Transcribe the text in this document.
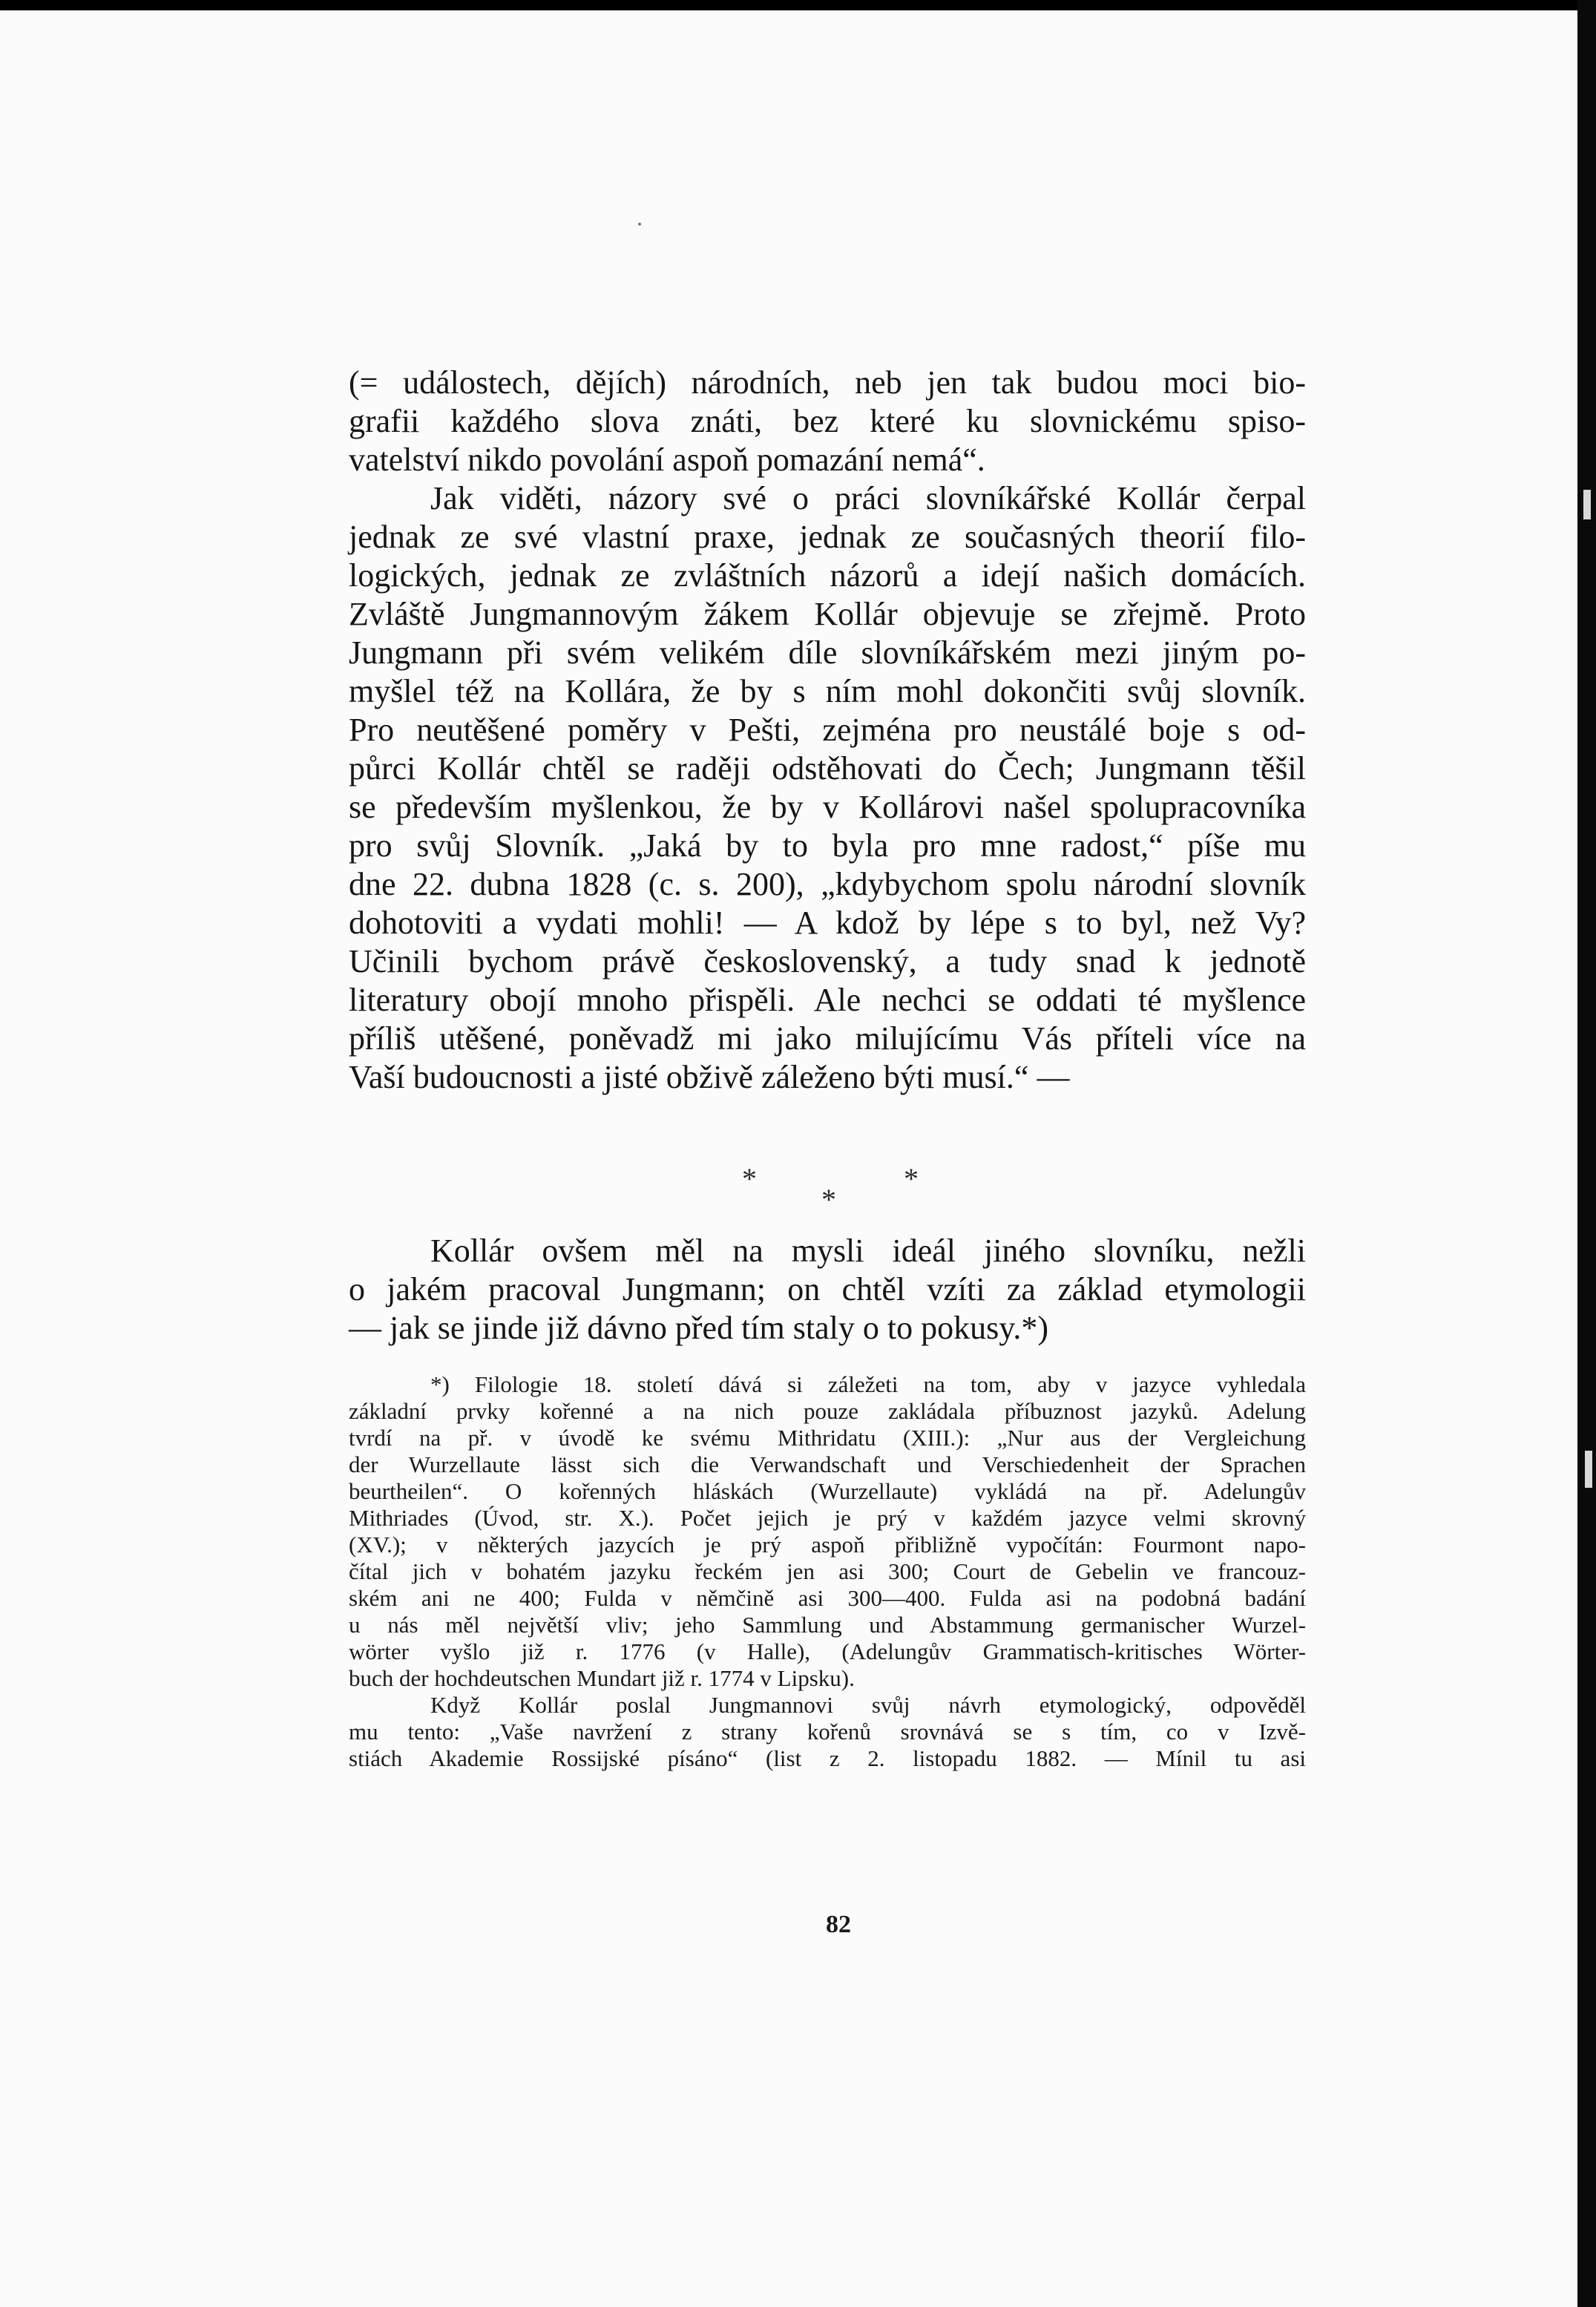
(= událostech, dějích) národních, neb jen tak budou moci bio-
grafii každého slova znáti, bez které ku slovnickému spiso-
vatelství nikdo povolání aspoň pomazání nemá“.
Jak viděti, názory své o práci slovníkářské Kollár čerpal
jednak ze své vlastní praxe, jednak ze současných theorií filo-
logických, jednak ze zvláštních názorů a idejí našich domácích.
Zvláště Jungmannovým žákem Kollár objevuje se zřejmě. Proto
Jungmann při svém velikém díle slovníkářském mezi jiným po-
myšlel též na Kollára, že by s ním mohl dokončiti svůj slovník.
Pro neutěšené poměry v Pešti, zejména pro neustálé boje s od-
půrci Kollár chtěl se raději odstěhovati do Čech; Jungmann těšil
se především myšlenkou, že by v Kollárovi našel spolupracovníka
pro svůj Slovník. „Jaká by to byla pro mne radost,“ píše mu
dne 22. dubna 1828 (c. s. 200), „kdybychom spolu národní slovník
dohotoviti a vydati mohli! — A kdož by lépe s to byl, než Vy?
Učinili bychom právě československý, a tudy snad k jednotě
literatury obojí mnoho přispěli. Ale nechci se oddati té myšlence
příliš utěšené, poněvadž mi jako milujícímu Vás příteli více na
Vaší budoucnosti a jisté obživě záleženo býti musí.“ —
*	*
*
Kollár ovšem měl na mysli ideál jiného slovníku, nežli
o jakém pracoval Jungmann; on chtěl vzíti za základ etymologii
— jak se jinde již dávno před tím staly o to pokusy.*)
*) Filologie 18. století dává si záležeti na tom, aby v jazyce vyhledala
základní prvky kořenné a na nich pouze zakládala příbuznost jazyků. Adelung
tvrdí na př. v úvodě ke svému Mithridatu (XIII.): „Nur aus der Vergleichung
der Wurzellaute lässt sich die Verwandschaft und Verschiedenheit der Sprachen
beurtheilen“. O kořenných hláskách (Wurzellaute) vykládá na př. Adelungův
Mithriades (Úvod, str. X.). Počet jejich je prý v každém jazyce velmi skrovný
(XV.); v některých jazycích je prý aspoň přibližně vypočítán: Fourmont napo-
čítal jich v bohatém jazyku řeckém jen asi 300; Court de Gebelin ve francouz-
ském ani ne 400; Fulda v němčině asi 300—400. Fulda asi na podobná badání
u nás měl největší vliv; jeho Sammlung und Abstammung germanischer Wurzel-
wörter vyšlo již r. 1776 (v Halle), (Adelungův Grammatisch-kritisches Wörter-
buch der hochdeutschen Mundart již r. 1774 v Lipsku).
Když Kollár poslal Jungmannovi svůj návrh etymologický, odpověděl
mu tento: „Vaše navržení z strany kořenů srovnává se s tím, co v Izvě-
stiách Akademie Rossijské písáno“ (list z 2. listopadu 1882. — Mínil tu asi
82
